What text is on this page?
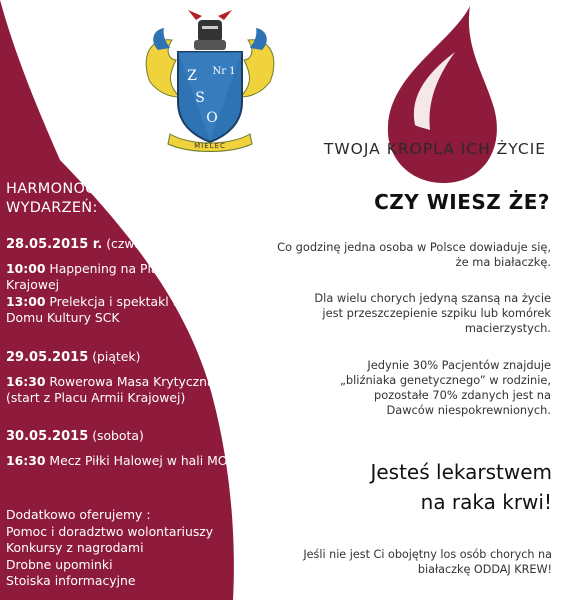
Z
S
O
Nr 1
MIELEC	TWOJA KROPLA ICH ŻYCIE
HARMONOGRAM
WYDARZEŃ:

28.05.2015 r. (czwartek)

10:00 Happening na Placu Armii Krajowej

13:00 Prelekcja i spektakl teatralny w Domu Kultury SCK

29.05.2015 (piątek)

16:30 Rowerowa Masa Krytyczna (start z Placu Armii Krajowej)

30.05.2015 (sobota)

16:30 Mecz Piłki Halowej w hali MOSIR

Dodatkowo oferujemy :

Pomoc i doradztwo wolontariuszy

Konkursy z nagrodami

Drobne upominki

Stoiska informacyjne

CZY WIESZ ŻE?

Co godzinę jedna osoba w Polsce dowiaduje się,

że ma białaczkę.

Dla wielu chorych jedyną szansą na życie

jest przeszczepienie szpiku lub komórek

macierzystych.

Jedynie 30% Pacjentów znajduje

„bliźniaka genetycznego” w rodzinie,

pozostałe 70% zdanych jest na

Dawców niespokrewnionych.

Jesteś lekarstwem

na raka krwi!

Jeśli nie jest Ci obojętny los osób chorych na
białaczkę ODDAJ KREW!
